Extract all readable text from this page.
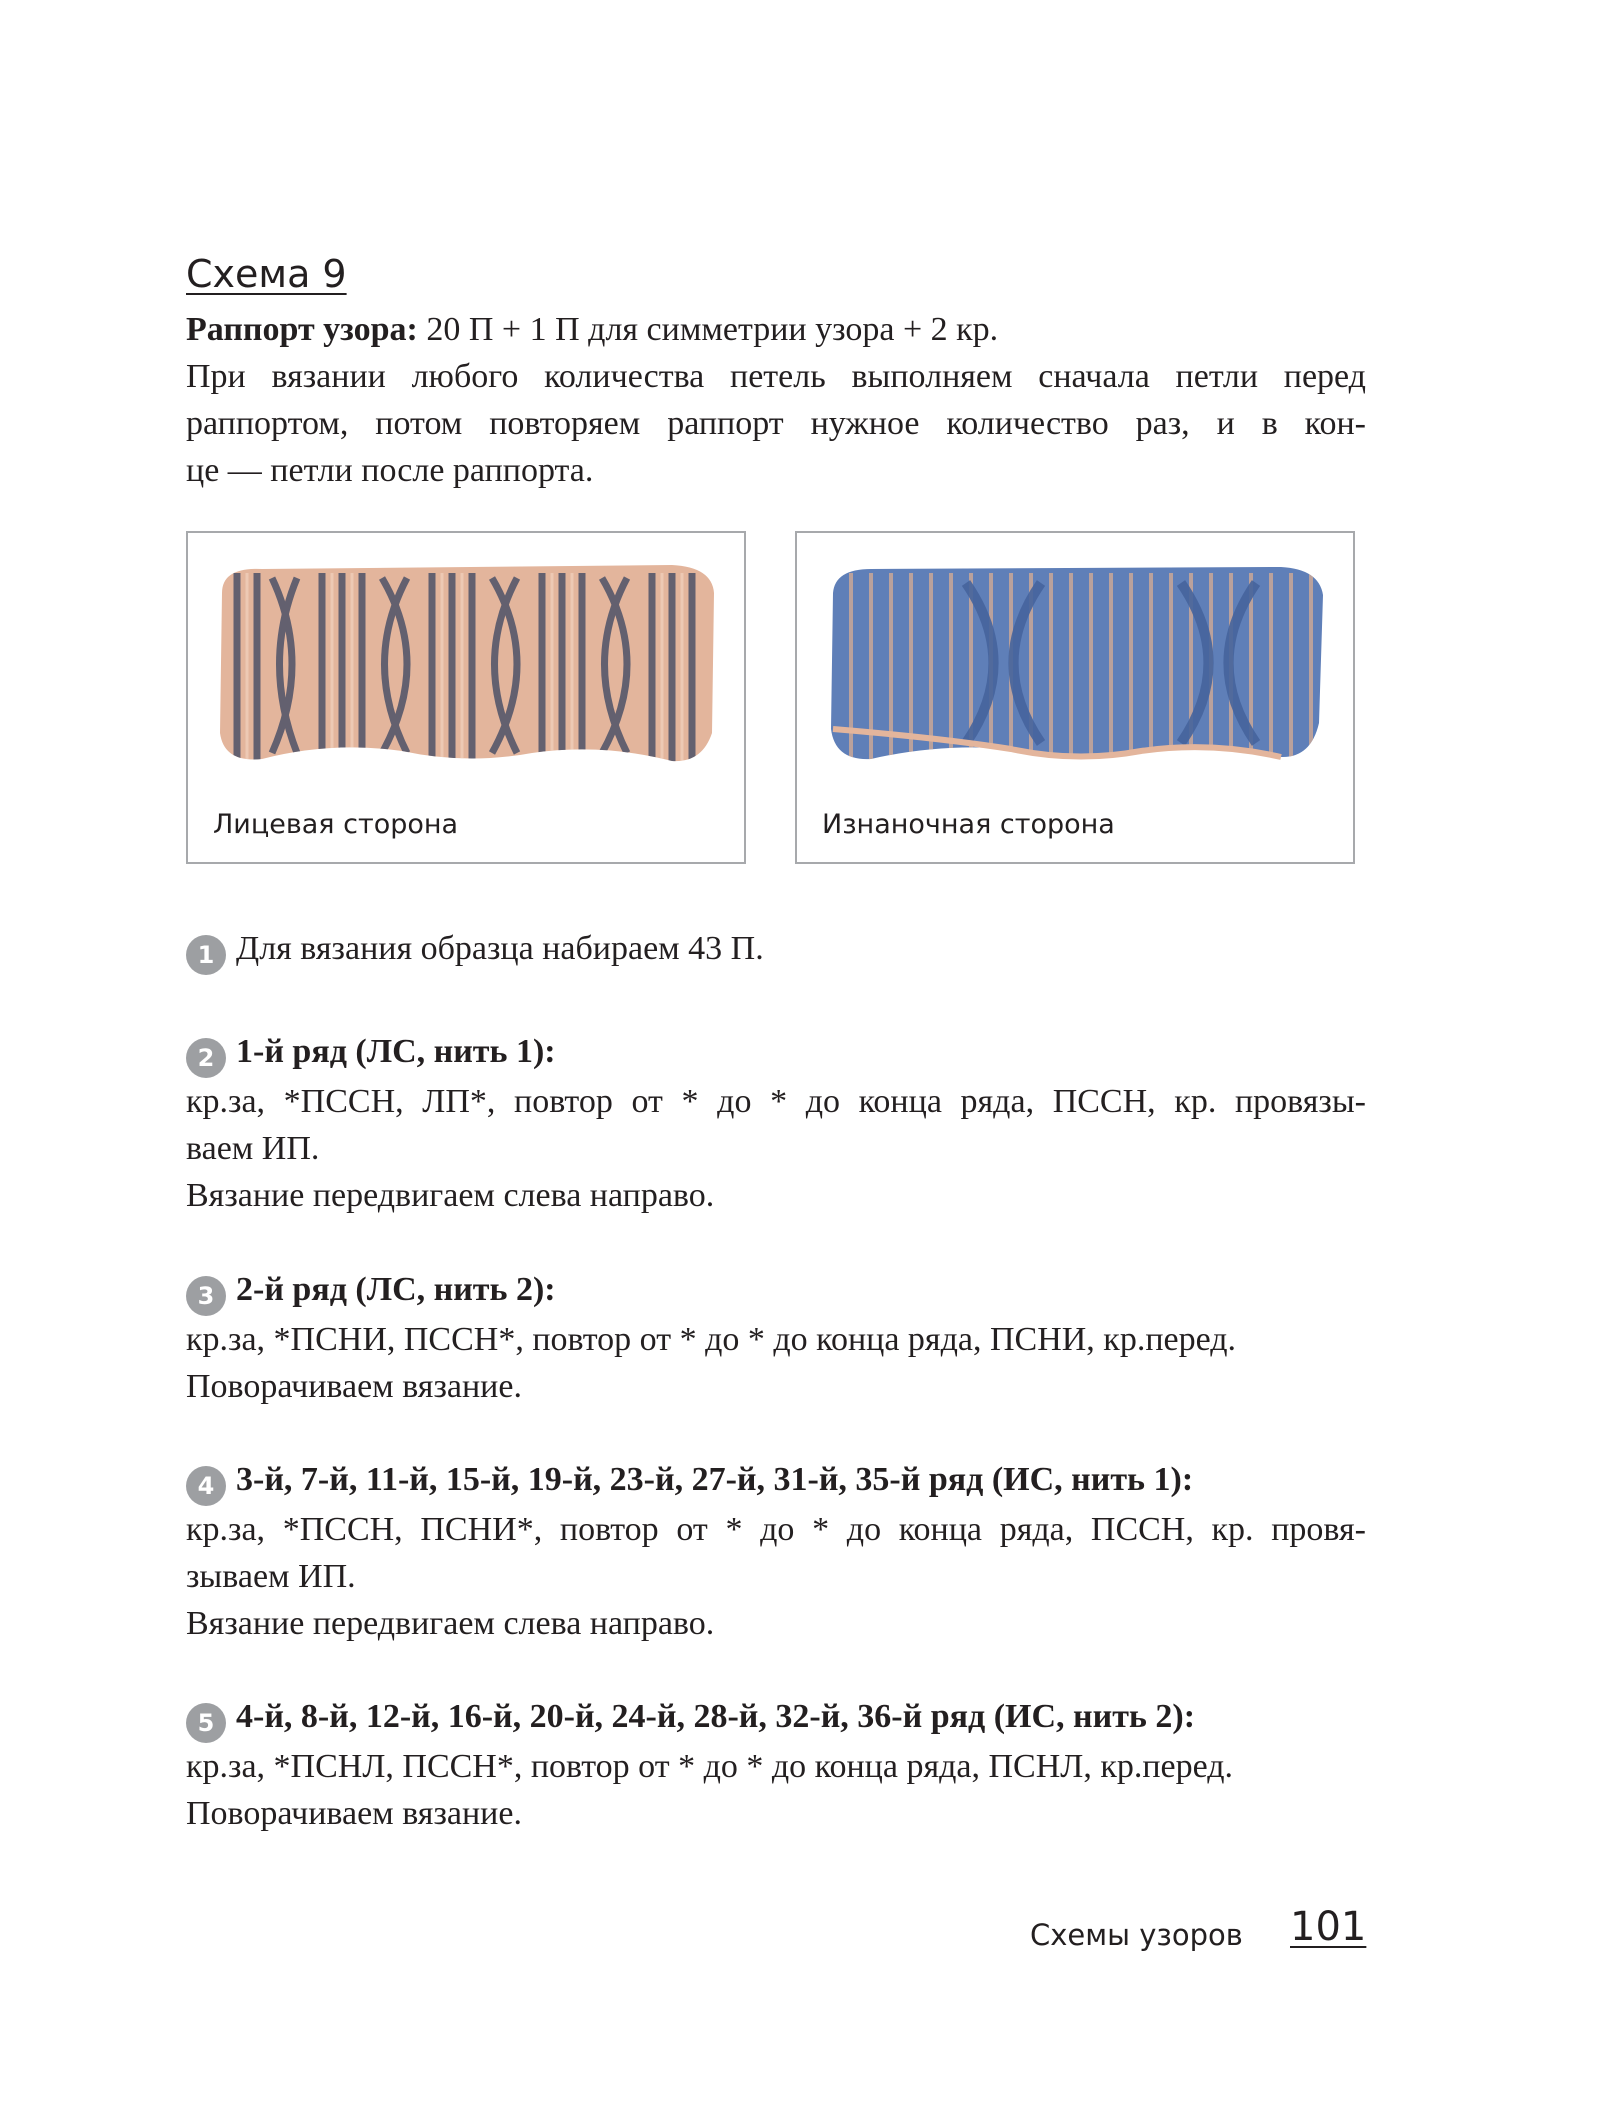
Схема 9
Раппорт узора: 20 П + 1 П для симметрии узора + 2 кр.
При вязании любого количества петель выполняем сначала петли перед
раппортом, потом повторяем раппорт нужное количество раз, и в кон-
це — петли после раппорта.
Лицевая сторона	Изнаночная сторона
1 Для вязания образца набираем 43 П.
2 1-й ряд (ЛС, нить 1):
кр.за, *ПССН, ЛП*, повтор от * до * до конца ряда, ПССН, кр. провязы-
ваем ИП.
Вязание передвигаем слева направо.
3 2-й ряд (ЛС, нить 2):
кр.за, *ПСНИ, ПССН*, повтор от * до * до конца ряда, ПСНИ, кр.перед.
Поворачиваем вязание.
4 3-й, 7-й, 11-й, 15-й, 19-й, 23-й, 27-й, 31-й, 35-й ряд (ИС, нить 1):
кр.за, *ПССН, ПСНИ*, повтор от * до * до конца ряда, ПССН, кр. провя-
зываем ИП.
Вязание передвигаем слева направо.
5 4-й, 8-й, 12-й, 16-й, 20-й, 24-й, 28-й, 32-й, 36-й ряд (ИС, нить 2):
кр.за, *ПСНЛ, ПССН*, повтор от * до * до конца ряда, ПСНЛ, кр.перед.
Поворачиваем вязание.
Схемы узоров 101
